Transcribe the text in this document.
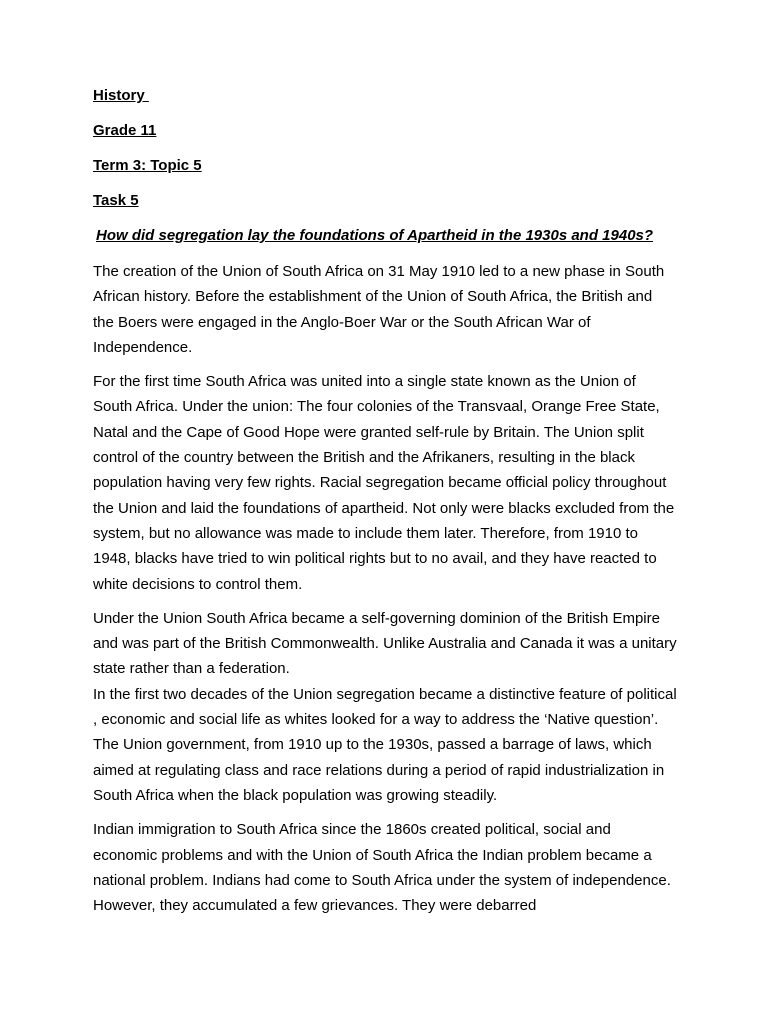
History

Grade 11

Term 3: Topic 5

Task 5

How did segregation lay the foundations of Apartheid in the 1930s and 1940s?

The creation of the Union of South Africa on 31 May 1910 led to a new phase in South African history. Before the establishment of the Union of South Africa, the British and the Boers were engaged in the Anglo-Boer War or the South African War of Independence.

For the first time South Africa was united into a single state known as the Union of South Africa. Under the union: The four colonies of the Transvaal, Orange Free State, Natal and the Cape of Good Hope were granted self-rule by Britain. The Union split control of the country between the British and the Afrikaners, resulting in the black population having very few rights. Racial segregation became official policy throughout the Union and laid the foundations of apartheid. Not only were blacks excluded from the system, but no allowance was made to include them later. Therefore, from 1910 to 1948, blacks have tried to win political rights but to no avail, and they have reacted to white decisions to control them.

Under the Union South Africa became a self-governing dominion of the British Empire and was part of the British Commonwealth. Unlike Australia and Canada it was a unitary state rather than a federation.

In the first two decades of the Union segregation became a distinctive feature of political , economic and social life as whites looked for a way to address the ‘Native question’. The Union government, from 1910 up to the 1930s, passed a barrage of laws, which aimed at regulating class and race relations during a period of rapid industrialization in South Africa when the black population was growing steadily.

Indian immigration to South Africa since the 1860s created political, social and economic problems and with the Union of South Africa the Indian problem became a national problem. Indians had come to South Africa under the system of independence. However, they accumulated a few grievances. They were debarred
